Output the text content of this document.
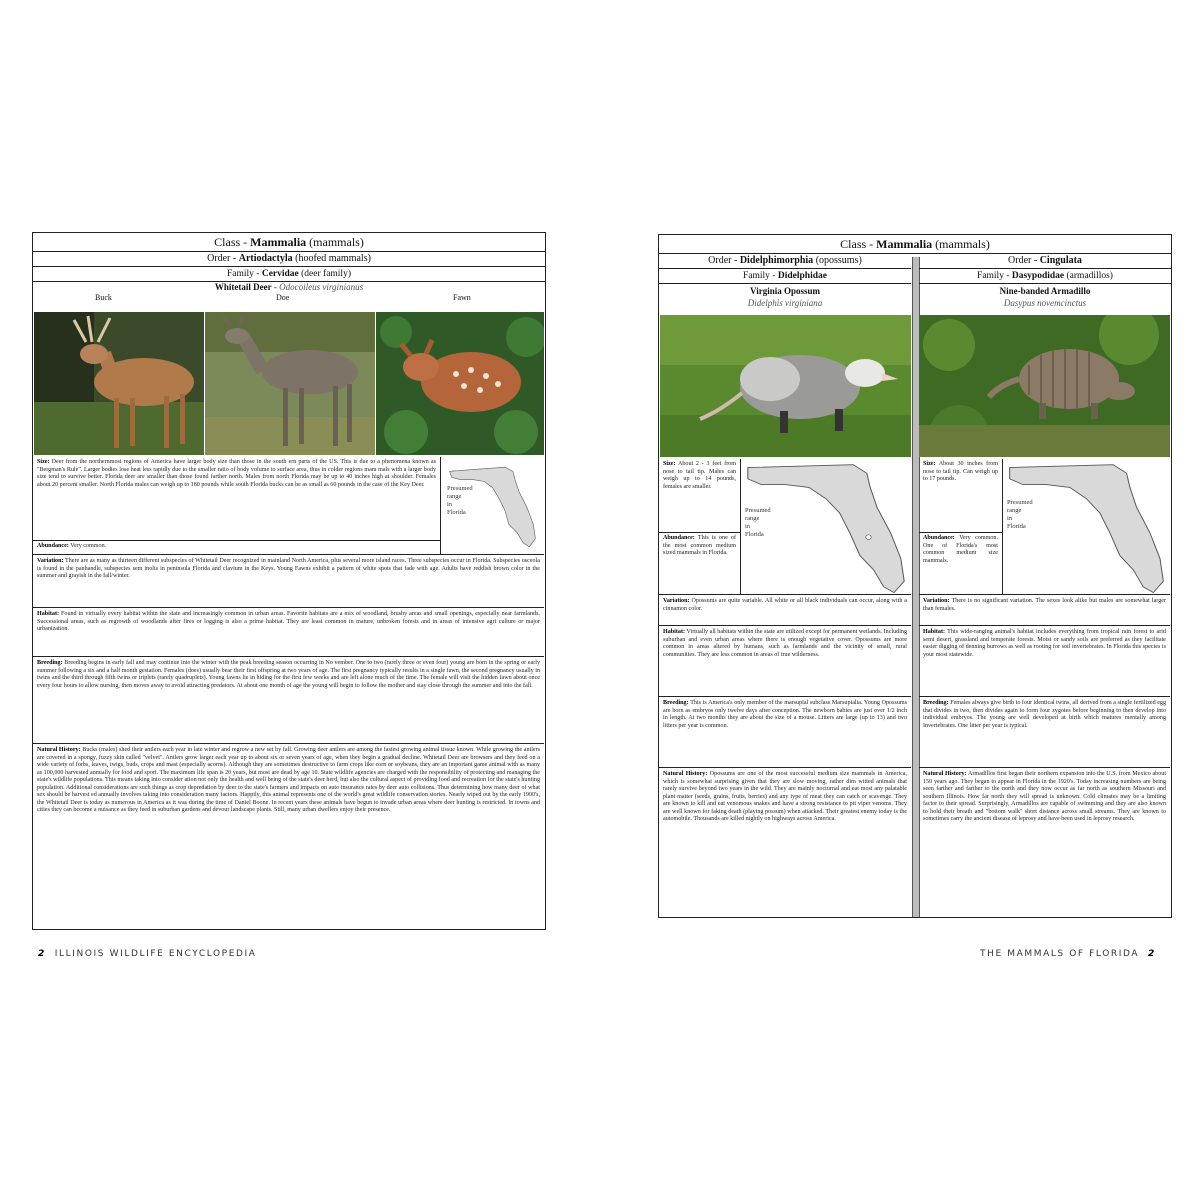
Class - Mammalia (mammals)
Order - Artiodactyla (hoofed mammals)
Family - Cervidae (deer family)
Whitetail Deer - Odocoileus virginianus
Buck	Doe	Fawn
Size: Deer from the northernmost regions of America have larger body size than those in the south ern parts of the US. This is due to a phenomena known as "Bergman's Rule". Larger bodies lose heat less rapidly due to the smaller ratio of body volume to surface area, thus in colder regions mam mals with a larger body size tend to survive better. Florida deer are smaller than those found farther north. Males from north Florida may be up to 40 inches high at shoulder. Females about 20 percent smaller. North Florida males can weigh up to 180 pounds while south Florida bucks can be as small as 60 pounds in the case of the Key Deer.
Abundance: Very common.
Presumed
range
in
Florida
Variation: There are as many as thirteen different subspecies of Whitetail Deer recognized in mainland North America, plus several more island races. Three subspecies occur in Florida. Subspecies osceola is found in the panhandle, subspecies sem inolis in peninsula Florida and clavium in the Keys. Young Fawns exhibit a pattern of white spots that fade with age. Adults have reddish brown color in the summer and grayish in the fall/winter.
Habitat: Found in virtually every habitat within the state and increasingly common in urban areas. Favorite habitats are a mix of woodland, brushy areas and small openings, especially near farmlands. Successional areas, such as regrowth of woodlands after fires or logging is also a prime habitat. They are least common in mature, unbroken forests and in areas of intensive agri culture or major urbanization.
Breeding: Breeding begins in early fall and may continue into the winter with the peak breeding season occurring in No vember. One to two (rarely three or even four) young are born in the spring or early summer following a six and a half month gestation. Females (does) usually bear their first offspring at two years of age. The first pregnancy typically results in a single fawn, the second pregnancy usually in twins and the third through fifth twins or triplets (rarely quadruplets). Young fawns lie in hiding for the first few weeks and are left alone much of the time. The female will visit the hidden fawn about once every four hours to allow nursing, then moves away to avoid attracting predators. At about one month of age the young will begin to follow the mother and stay close through the summer and into the fall.
Natural History: Bucks (males) shed their antlers each year in late winter and regrow a new set by fall. Growing deer antlers are among the fastest growing animal tissue known. While growing the antlers are covered in a spongy, fuzzy skin called "velvet". Antlers grow larger each year up to about six or seven years of age, when they begin a gradual decline. Whitetail Deer are browsers and they feed on a wide variety of forbs, leaves, twigs, buds, crops and mast (especially acorns). Although they are sometimes destructive to farm crops like corn or soybeans, they are an important game animal with as many as 100,000 harvested annually for food and sport. The maximum life span is 20 years, but most are dead by age 10. State wildlife agencies are charged with the responsibility of protecting and managing the state's wildlife populations. This means taking into consider ation not only the health and well being of the state's deer herd, but also the cultural aspect of providing food and recreation for the state's hunting population. Additional considerations are such things as crop depredation by deer to the state's farmers and impacts on auto insurance rates by deer auto collisions. Thus determining how many deer of what sex should be harvest ed annually involves taking into consideration many factors. Happily, this animal represents one of the world's great wildlife conservation stories. Nearly wiped out by the early 1900's, the Whitetail Deer is today as numerous in America as it was during the time of Daniel Boone. In recent years these animals have begun to invade urban areas where deer hunting is restricted. In towns and cities they can become a nuisance as they feed in suburban gardens and devour landscape plants. Still, many urban dwellers enjoy their presence.
2 ILLINOIS WILDLIFE ENCYCLOPEDIA
Class - Mammalia (mammals)
Order - Didelphimorphia (opossums)
Family - Didelphidae
Virginia Opossum
Didelphis virginiana
Size: About 2 - 3 feet from nose to tail tip. Males can weigh up to 14 pounds, females are smaller.
Abundance: This is one of the most common medium sized mammals in Florida.
Presumed
range
in
Florida
Variation: Opossums are quite variable. All white or all black individuals can occur, along with a cinnamon color.
Habitat: Virtually all habitats within the state are utilized except for permanent wetlands. Including suburban and even urban areas where there is enough vegetative cover. Opossums are more common in areas altered by humans, such as farmlands and the vicinity of small, rural communities. They are less common in areas of true wilderness.
Breeding: This is America's only member of the marsupial subclass Marsupialia. Young Opossums are born as embryos only twelve days after conception. The newborn babies are just over 1/2 inch in length. At two months they are about the size of a mouse. Litters are large (up to 13) and two litters per year is common.
Natural History: Opossums are one of the most successful medium size mammals in America, which is somewhat surprising given that they are slow moving, rather dim witted animals that rarely survive beyond two years in the wild. They are mainly nocturnal and eat most any palatable plant matter (seeds, grains, fruits, berries) and any type of meat they can catch or scavenge. They are known to kill and eat venomous snakes and have a strong resistance to pit viper venoms. They are well known for faking death (playing possum) when attacked. Their greatest enemy today is the automobile. Thousands are killed nightly on highways across America.
Order - Cingulata
Family - Dasypodidae (armadillos)
Nine-banded Armadillo
Dasypus novemcinctus
Size: About 30 inches from nose to tail tip. Can weigh up to 17 pounds.
Abundance: Very common. One of Florida's most common medium size mammals.
Presumed
range
in
Florida
Variation: There is no significant variation. The sexes look alike but males are somewhat larger than females.
Habitat: This wide-ranging animal's habitat includes everything from tropical rain forest to arid semi desert, grassland and temperate forests. Moist or sandy soils are preferred as they facilitate easier digging of denning burrows as well as rooting for soil invertebrates. In Florida this species is your most statewide.
Breeding: Females always give birth to four identical twins, all derived from a single fertilized egg that divides in two, then divides again to form four zygotes before beginning to then develop into individual embryos. The young are well developed at birth which matures mentally among Invertebrates. One litter per year is typical.
Natural History: Armadillos first began their northern expansion into the U.S. from Mexico about 150 years ago. They began to appear in Florida in the 1920's. Today increasing numbers are being seen farther and farther to the north and they now occur as far north as southern Missouri and southern Illinois. How far north they will spread is unknown. Cold climates may be a limiting factor to their spread. Surprisingly, Armadillos are capable of swimming and they are also known to hold their breath and "bottom walk" short distance across small streams. They are known to sometimes carry the ancient disease of leprosy and have been used in leprosy research.
THE MAMMALS OF FLORIDA 2
